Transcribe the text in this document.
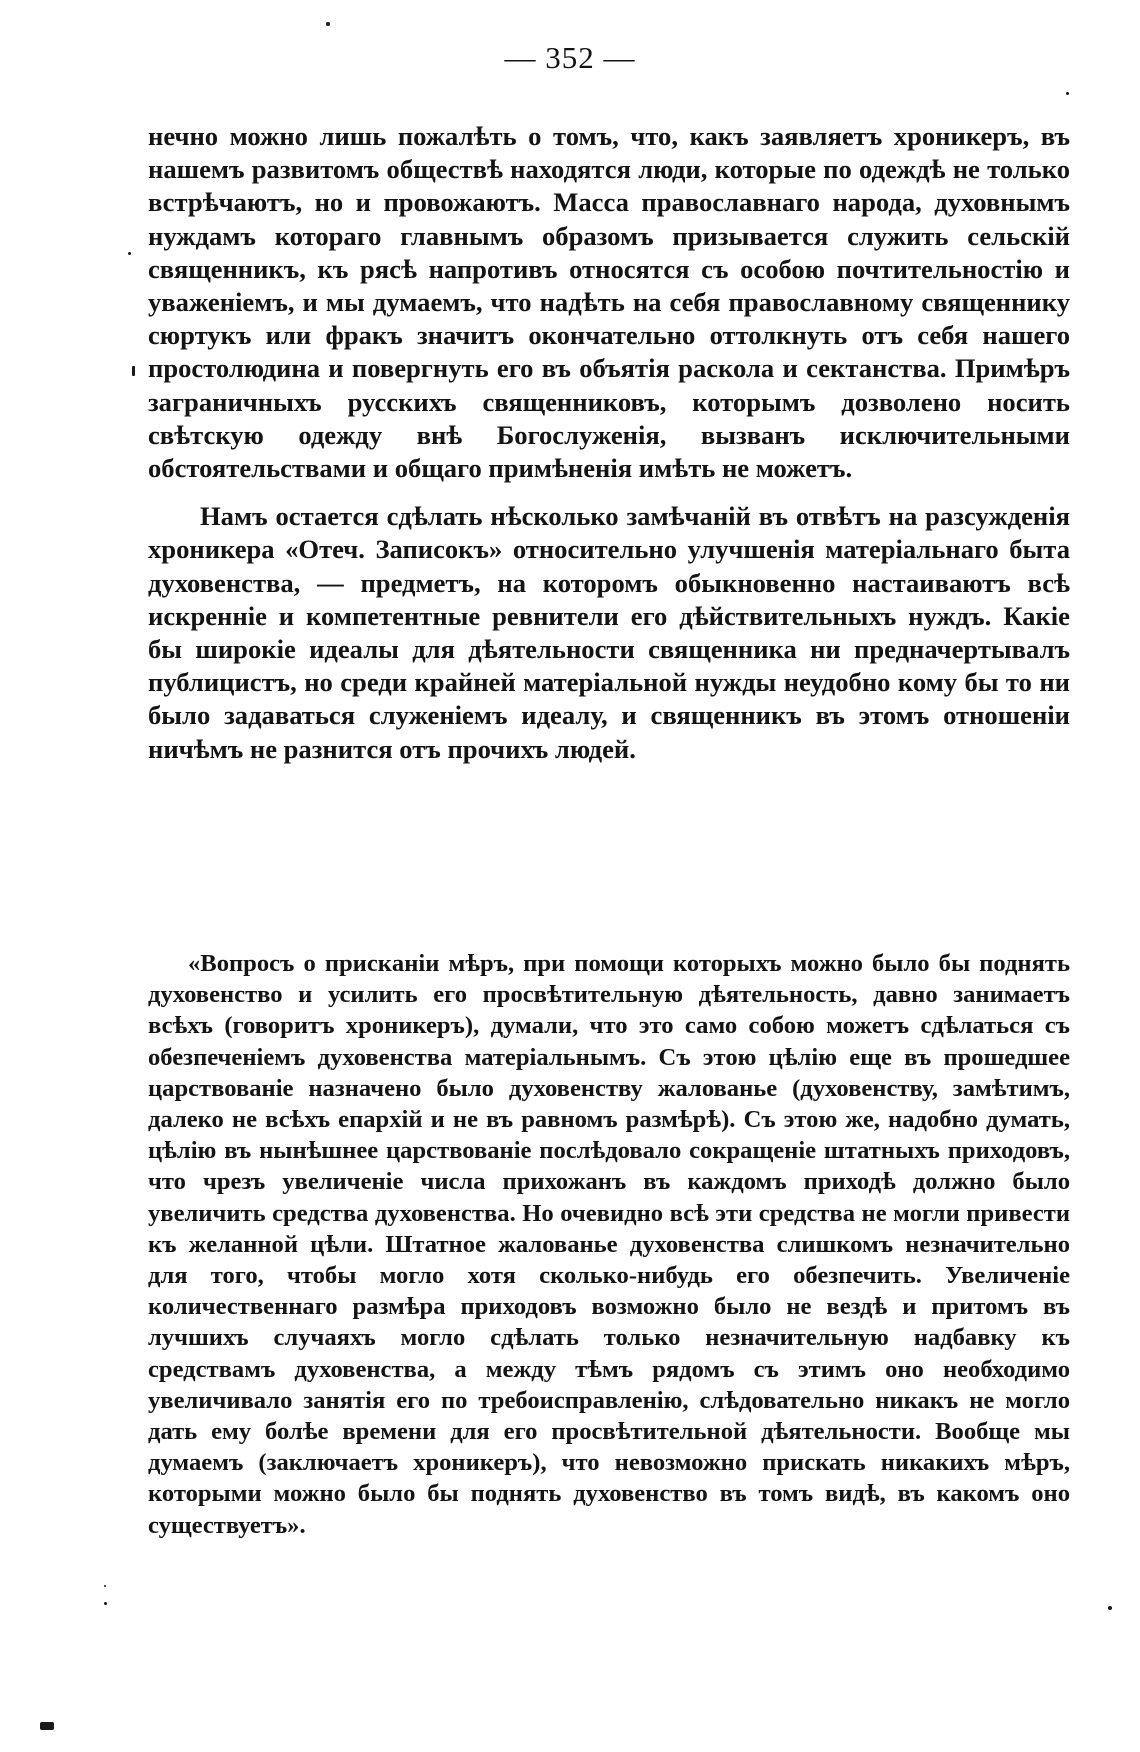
— 352 —

нечно можно лишь пожалѣть о томъ, что, какъ заявляетъ хроникеръ, въ нашемъ развитомъ обществѣ находятся люди, которые по одеждѣ не только встрѣчаютъ, но и провожаютъ. Масса православнаго народа, духовнымъ нуждамъ котораго главнымъ образомъ призывается служить сельскій священникъ, къ рясѣ напротивъ относятся съ особою почтительностію и уваженіемъ, и мы думаемъ, что надѣть на себя православному священнику сюртукъ или фракъ значитъ окончательно оттолкнуть отъ себя нашего простолюдина и повергнуть его въ объятія раскола и сектанства. Примѣръ заграничныхъ русскихъ священниковъ, которымъ дозволено носить свѣтскую одежду внѣ Богослуженія, вызванъ исключительными обстоятельствами и общаго примѣненія имѣть не можетъ.

Намъ остается сдѣлать нѣсколько замѣчаній въ отвѣтъ на разсужденія хроникера «Отеч. Записокъ» относительно улучшенія матеріальнаго быта духовенства, — предметъ, на которомъ обыкновенно настаиваютъ всѣ искренніе и компетентные ревнители его дѣйствительныхъ нуждъ. Какіе бы широкіе идеалы для дѣятельности священника ни предначертывалъ публицистъ, но среди крайней матеріальной нужды неудобно кому бы то ни было задаваться служеніемъ идеалу, и священникъ въ этомъ отношеніи ничѣмъ не разнится отъ прочихъ людей.

«Вопросъ о прискaніи мѣръ, при помощи которыхъ можно было бы поднять духовенство и усилить его просвѣтительную дѣятельность, давно занимаетъ всѣхъ (говоритъ хроникеръ), думали, что это само собою можетъ сдѣлаться съ обезпеченіемъ духовенства матеріальнымъ. Съ этою цѣлію еще въ прошедшее царствованіе назначено было духовенству жалованье (духовенству, замѣтимъ, далеко не всѣхъ епархій и не въ равномъ размѣрѣ). Съ этою же, надобно думать, цѣлію въ нынѣшнее царствованіе послѣдовало сокращеніе штатныхъ приходовъ, что чрезъ увеличеніе числа прихожанъ въ каждомъ приходѣ должно было увеличить средства духовенства. Но очевидно всѣ эти средства не могли привести къ желанной цѣли. Штатное жалованье духовенства слишкомъ незначительно для того, чтобы могло хотя сколько-нибудь его обезпечить. Увеличеніе количественнаго размѣра приходовъ возможно было не вездѣ и притомъ въ лучшихъ случаяхъ могло сдѣлать только незначительную надбавку къ средствамъ духовенства, а между тѣмъ рядомъ съ этимъ оно необходимо увеличивало занятія его по требоисправленію, слѣдовательно никакъ не могло дать ему болѣе времени для его просвѣтительной дѣятельности. Вообще мы думаемъ (заключаетъ хроникеръ), что невозможно прискать никакихъ мѣръ, которыми можно было бы поднять духовенство въ томъ видѣ, въ какомъ оно существуетъ».
